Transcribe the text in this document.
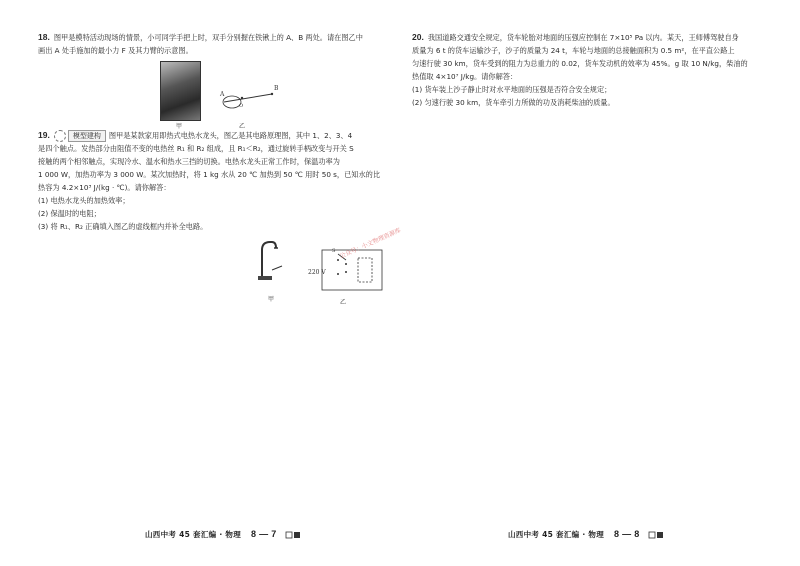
18. 图甲是模特活动现场的情景，小可同学手把上时，双手分别握在铁锹上的 A、B 两处。请在图乙中
画出 A 处手施加的最小力 F 及其力臂的示意图。
甲
A
B
O
乙
19.	模型建构 图甲是某款家用即热式电热水龙头，图乙是其电路原理图，其中 1、2、3、4
是四个触点。发热部分由阻值不变的电热丝 R₁ 和 R₂ 组成，且 R₁＜R₂，通过旋转手柄改变与开关 S
接触的两个相邻触点，实现冷水、温水和热水三挡的切换。电热水龙头正常工作时，保温功率为
1 000 W，加热功率为 3 000 W。某次加热时，将 1 kg 水从 20 ℃ 加热到 50 ℃ 用时 50 s，已知水的比
热容为 4.2×10³ J/(kg · ℃)。请你解答：
(1) 电热水龙头的加热效率；
(2) 保温时的电阻；
(3) 将 R₁、R₂ 正确填入图乙的虚线框内并补全电路。
甲
220 V
S
乙
公众号：小文物理资源库
山西中考 45 套汇编 · 物理 8 — 7
20. 我国道路交通安全规定，货车轮胎对地面的压强应控制在 7×10⁵ Pa 以内。某天，王师傅驾驶自身
质量为 6 t 的货车运输沙子，沙子的质量为 24 t，车轮与地面的总接触面积为 0.5 m²，在平直公路上
匀速行驶 30 km，货车受到的阻力为总重力的 0.02，货车发动机的效率为 45%。g 取 10 N/kg，柴油的
热值取 4×10⁷ J/kg。请你解答：
(1) 货车装上沙子静止时对水平地面的压强是否符合安全规定；
(2) 匀速行驶 30 km，货车牵引力所做的功及消耗柴油的质量。
山西中考 45 套汇编 · 物理 8 — 8
